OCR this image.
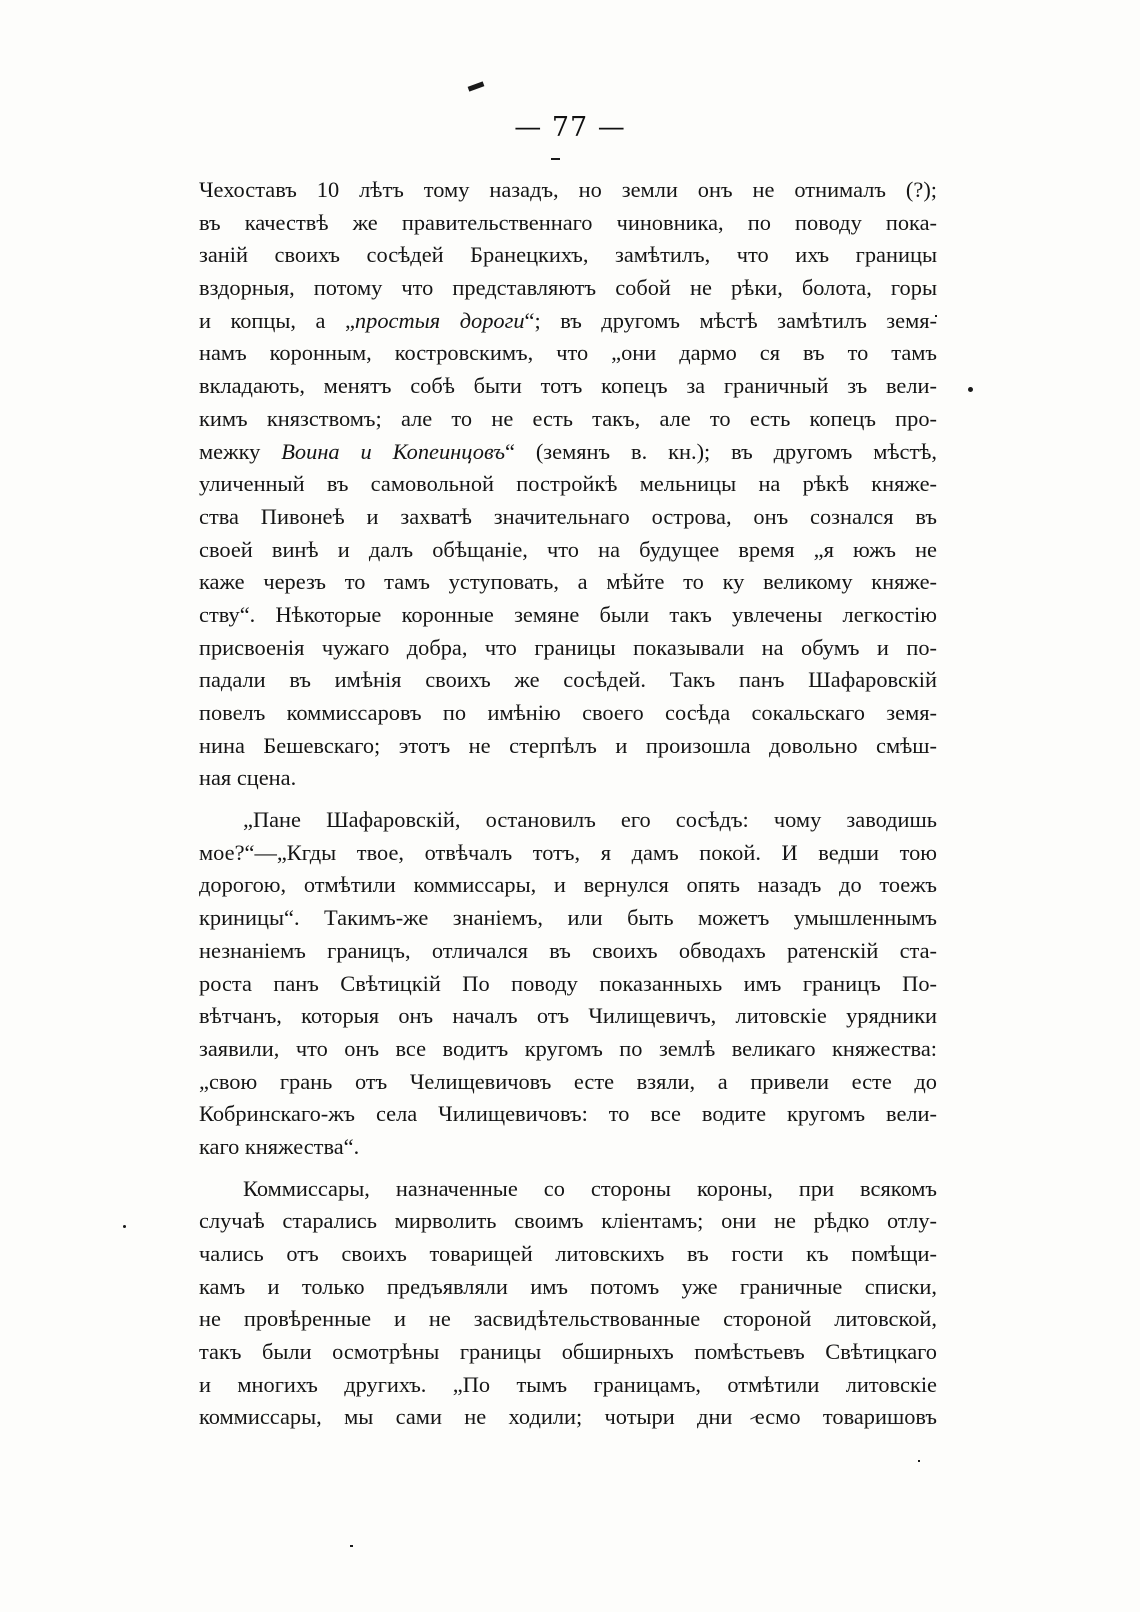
— 77 —
Чехоставъ 10 лѣтъ тому назадъ, но земли онъ не отнималъ (?);
въ качествѣ же правительственнаго чиновника, по поводу пока-
заній своихъ сосѣдей Бранецкихъ, замѣтилъ, что ихъ границы
вздорныя, потому что представляютъ собой не рѣки, болота, горы
и копцы, а „простыя дороги“; въ другомъ мѣстѣ замѣтилъ земя-
намъ коронным, костровскимъ, что „они дармо ся въ то тамъ
вкладають, менятъ собѣ быти тотъ копецъ за граничный зъ вели-
кимъ князствомъ; але то не есть такъ, але то есть копецъ про-
межку Воина и Копеинцовъ“ (земянъ в. кн.); въ другомъ мѣстѣ,
уличенный въ самовольной постройкѣ мельницы на рѣкѣ княже-
ства Пивонеѣ и захватѣ значительнаго острова, онъ сознался въ
своей винѣ и далъ обѣщаніе, что на будущее время „я южъ не
каже черезъ то тамъ уступовать, а мѣйте то ку великому княже-
ству“. Нѣкоторые коронные земяне были такъ увлечены легкостію
присвоенія чужаго добра, что границы показывали на обумъ и по-
падали въ имѣнія своихъ же сосѣдей. Такъ панъ Шафаровскій
повелъ коммиссаровъ по имѣнію своего сосѣда сокальскаго земя-
нина Бешевскаго; этотъ не стерпѣлъ и произошла довольно смѣш-
ная сцена.
„Пане Шафаровскій, остановилъ его сосѣдъ: чому заводишь
мое?“—„Кгды твое, отвѣчалъ тотъ, я дамъ покой. И ведши тою
дорогою, отмѣтили коммиссары, и вернулся опять назадъ до тоежъ
криницы“. Такимъ-же знаніемъ, или быть можетъ умышленнымъ
незнаніемъ границъ, отличался въ своихъ обводахъ ратенскій ста-
роста панъ Свѣтицкій По поводу показанныхь имъ границъ По-
вѣтчанъ, которыя онъ началъ отъ Чилищевичъ, литовскіе урядники
заявили, что онъ все водитъ кругомъ по землѣ великаго княжества:
„свою грань отъ Челищевичовъ есте взяли, а привели есте до
Кобринскаго-жъ села Чилищевичовъ: то все водите кругомъ вели-
каго княжества“.
Коммиссары, назначенные со стороны короны, при всякомъ
случаѣ старались мирволить своимъ кліентамъ; они не рѣдко отлу-
чались отъ своихъ товарищей литовскихъ въ гости къ помѣщи-
камъ и только предъявляли имъ потомъ уже граничные списки,
не провѣренные и не засвидѣтельствованные стороной литовской,
такъ были осмотрѣны границы обширныхъ помѣстьевъ Свѣтицкаго
и многихъ другихъ. „По тымъ границамъ, отмѣтили литовскіе
коммиссары, мы сами не ходили; чотыри дни есмо товаришовъ
